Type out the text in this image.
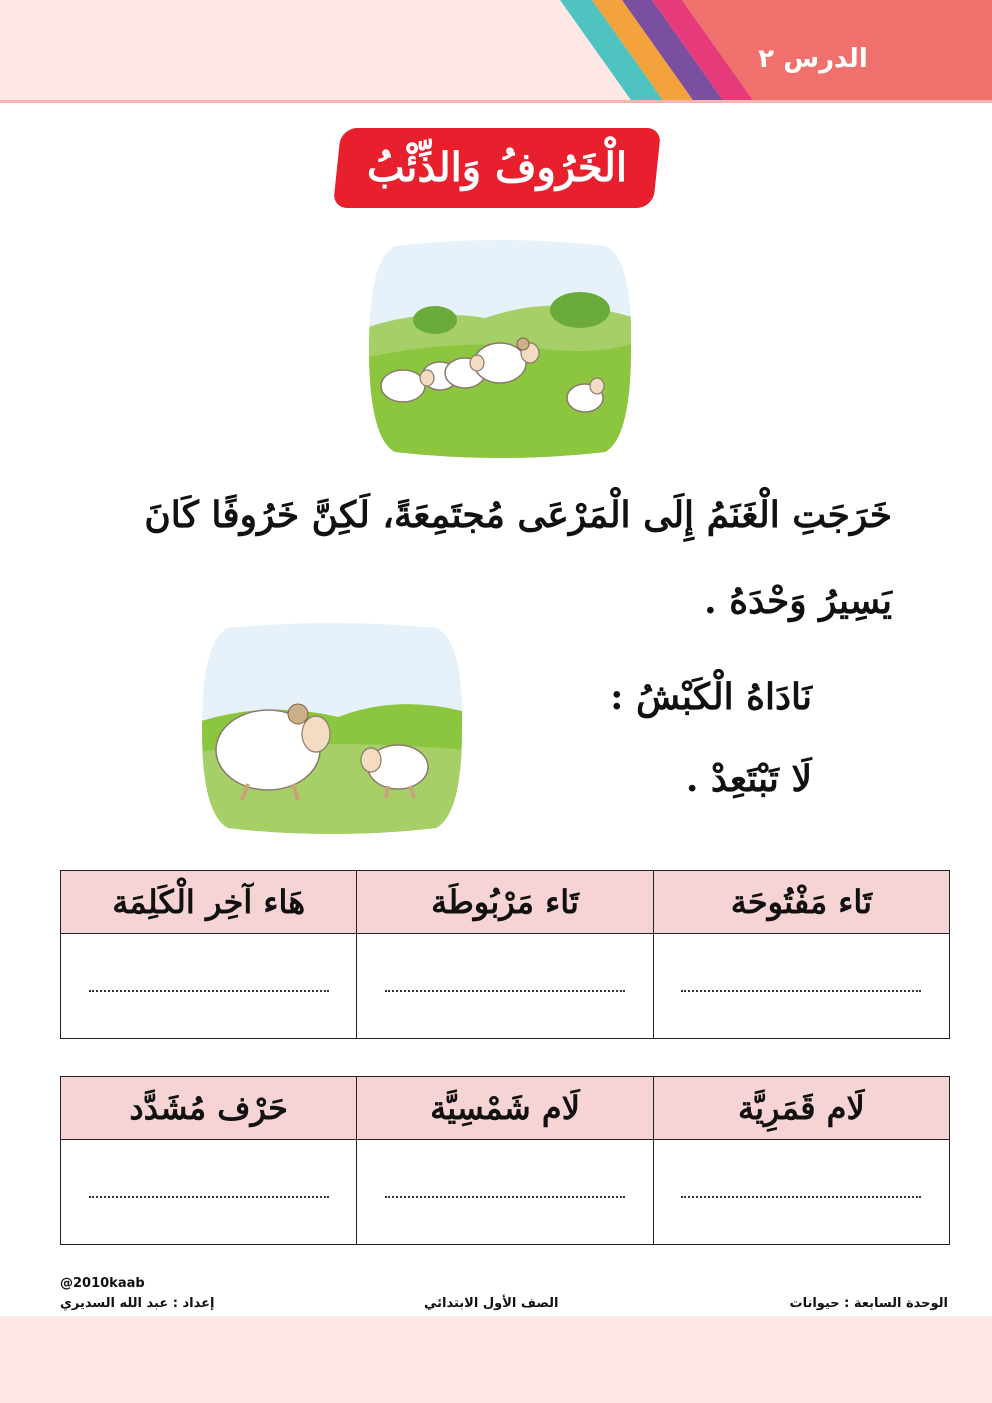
الدرس ٢
الْخَرُوفُ وَالذِّئْبُ
خَرَجَتِ الْغَنَمُ إِلَى الْمَرْعَى مُجتَمِعَةً، لَكِنَّ خَرُوفًا كَانَ
يَسِيرُ وَحْدَهُ .
نَادَاهُ الْكَبْشُ :
لَا تَبْتَعِدْ .
تَاء مَفْتُوحَة	تَاء مَرْبُوطَة	هَاء آخِر الْكَلِمَة

لَام قَمَرِيَّة	لَام شَمْسِيَّة	حَرْف مُشَدَّد

@2010kaab
إعداد : عبد الله السديري	الصف الأول الابتدائي	الوحدة السابعة : حيوانات
